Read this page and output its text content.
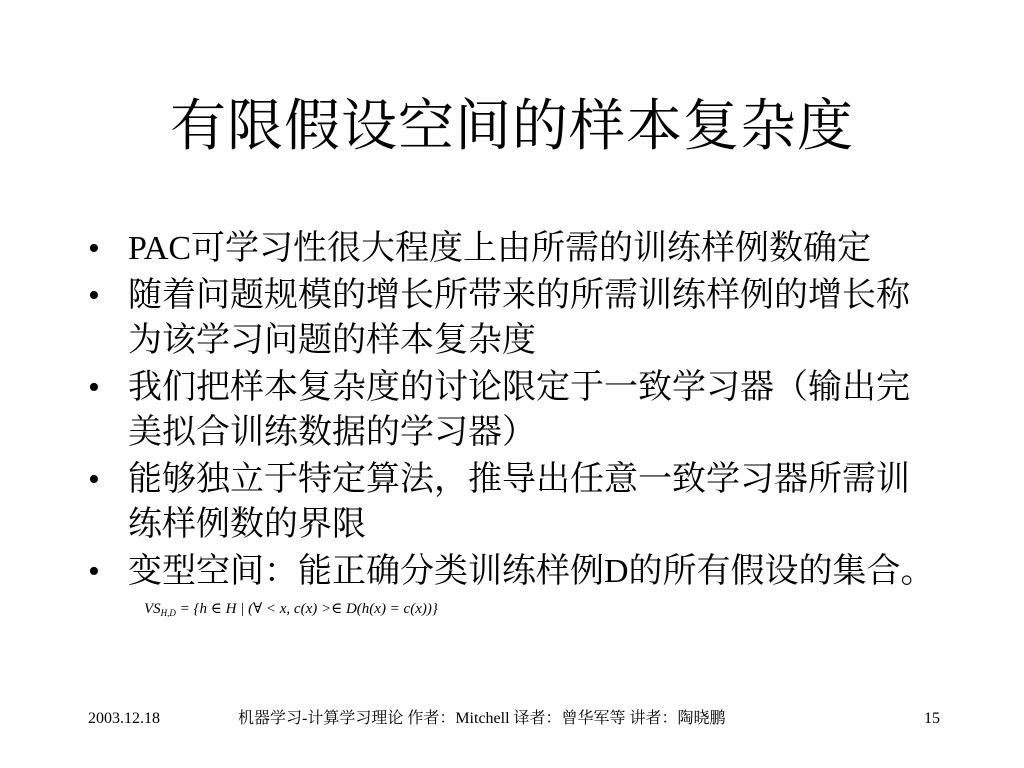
有限假设空间的样本复杂度
• PAC可学习性很大程度上由所需的训练样例数确定
• 随着问题规模的增长所带来的所需训练样例的增长称为该学习问题的样本复杂度
• 我们把样本复杂度的讨论限定于一致学习器（输出完美拟合训练数据的学习器）
• 能够独立于特定算法，推导出任意一致学习器所需训练样例数的界限
• 变型空间：能正确分类训练样例D的所有假设的集合。$VS_{H,D} = \{h$ ∈ H | (∀ < x, c(x) >∈ D(h(x) = c(x))}
2003.12.18	机器学习-计算学习理论 作者：Mitchell 译者：曾华军等 讲者：陶晓鹏	15
